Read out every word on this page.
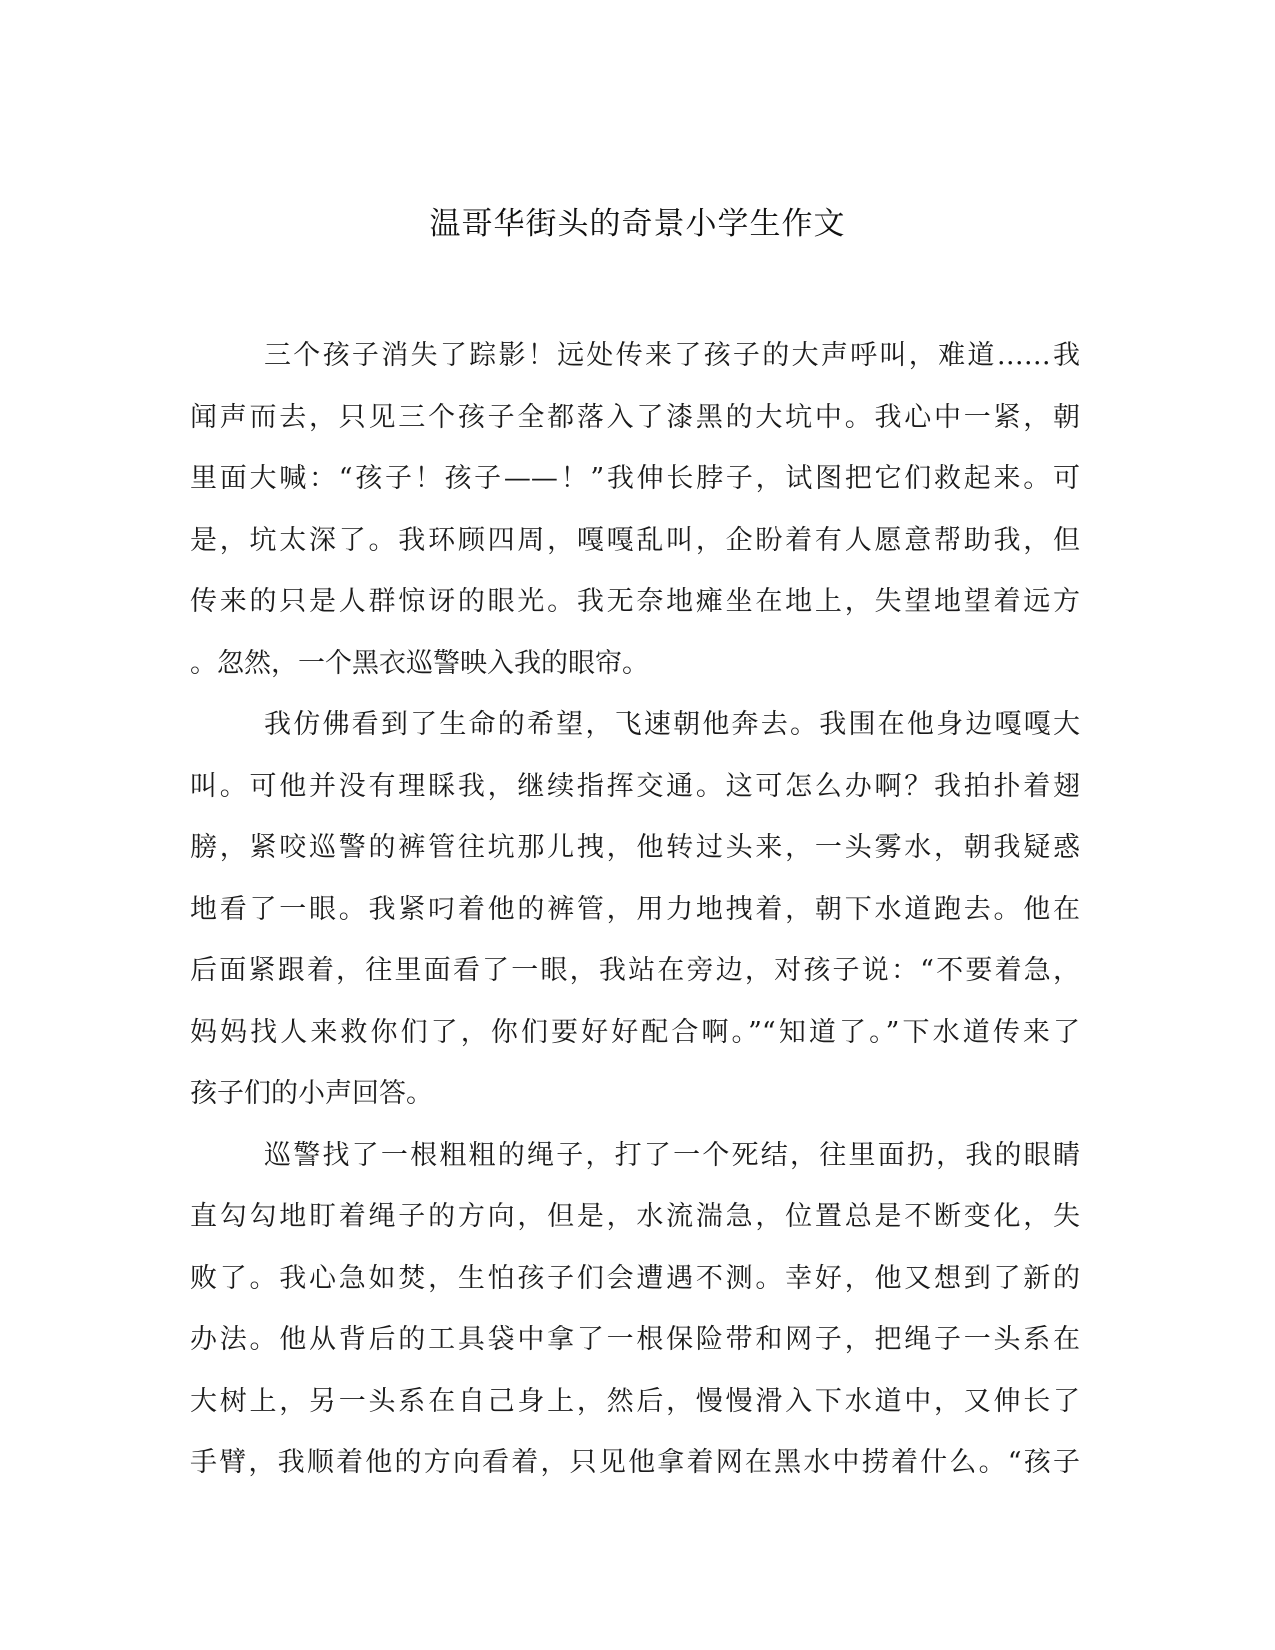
温哥华街头的奇景小学生作文
三个孩子消失了踪影！远处传来了孩子的大声呼叫，难道……我
闻声而去，只见三个孩子全都落入了漆黑的大坑中。我心中一紧，朝
里面大喊：“孩子！孩子——！”我伸长脖子，试图把它们救起来。可
是，坑太深了。我环顾四周，嘎嘎乱叫，企盼着有人愿意帮助我，但
传来的只是人群惊讶的眼光。我无奈地瘫坐在地上，失望地望着远方
。忽然，一个黑衣巡警映入我的眼帘。
我仿佛看到了生命的希望，飞速朝他奔去。我围在他身边嘎嘎大
叫。可他并没有理睬我，继续指挥交通。这可怎么办啊？我拍扑着翅
膀，紧咬巡警的裤管往坑那儿拽，他转过头来，一头雾水，朝我疑惑
地看了一眼。我紧叼着他的裤管，用力地拽着，朝下水道跑去。他在
后面紧跟着，往里面看了一眼，我站在旁边，对孩子说：“不要着急，
妈妈找人来救你们了，你们要好好配合啊。”“知道了。”下水道传来了
孩子们的小声回答。
巡警找了一根粗粗的绳子，打了一个死结，往里面扔，我的眼睛
直勾勾地盯着绳子的方向，但是，水流湍急，位置总是不断变化，失
败了。我心急如焚，生怕孩子们会遭遇不测。幸好，他又想到了新的
办法。他从背后的工具袋中拿了一根保险带和网子，把绳子一头系在
大树上，另一头系在自己身上，然后，慢慢滑入下水道中，又伸长了
手臂，我顺着他的方向看着，只见他拿着网在黑水中捞着什么。“孩子
